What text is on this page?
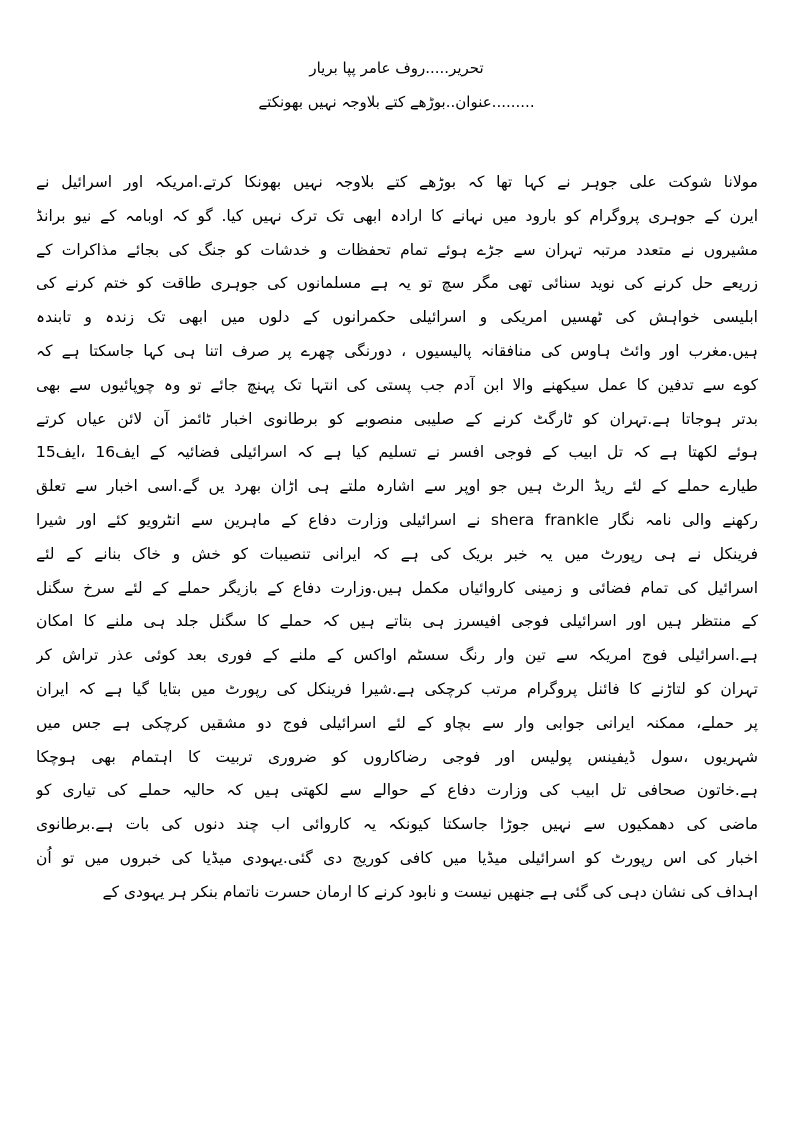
تحریر.....روف عامر پپا بریار
.........عنوان..بوڑھے کتے بلاوجہ نہیں بھونکتے
مولانا شوکت علی جوہر نے کہا تھا کہ بوڑھے کتے بلاوجہ نہیں بھونکا کرتے.امریکہ اور اسرائیل نے
ایرن کے جوہری پروگرام کو بارود میں نہانے کا ارادہ ابھی تک ترک نہیں کیا. گو کہ اوبامہ کے نیو برانڈ
مشیروں نے متعدد مرتبہ تہران سے جڑے ہوئے تمام تحفظات و خدشات کو جنگ کی بجائے مذاکرات کے
زریعے حل کرنے کی نوید سنائی تھی مگر سچ تو یہ ہے مسلمانوں کی جوہری طاقت کو ختم کرنے کی
ابلیسی خواہش کی ٹھسیں امریکی و اسرائیلی حکمرانوں کے دلوں میں ابھی تک زندہ و تابندہ
ہیں.مغرب اور وائٹ ہاوس کی منافقانہ پالیسیوں ، دورنگی چھرے پر صرف اتنا ہی کہا جاسکتا ہے کہ
کوے سے تدفین کا عمل سیکھنے والا ابن آدم جب پستی کی انتہا تک پہنچ جائے تو وہ چوپائیوں سے بھی
بدتر ہوجاتا ہے.تہران کو ٹارگٹ کرنے کے صلیبی منصوبے کو برطانوی اخبار ٹائمز آن لائن عیاں کرتے
ہوئے لکھتا ہے کہ تل ابیب کے فوجی افسر نے تسلیم کیا ہے کہ اسرائیلی فضائیہ کے ایف16 ،ایف15
طیارے حملے کے لئے ریڈ الرٹ ہیں جو اوپر سے اشارہ ملتے ہی اڑان بھرد یں گے.اسی اخبار سے تعلق
رکھنے والی نامہ نگار shera frankle نے اسرائیلی وزارت دفاع کے ماہرین سے انٹرویو کئے اور شیرا
فرینکل نے ہی رپورٹ میں یہ خبر بریک کی ہے کہ ایرانی تنصیبات کو خش و خاک بنانے کے لئے
اسرائیل کی تمام فضائی و زمینی کاروائیاں مکمل ہیں.وزارت دفاع کے بازیگر حملے کے لئے سرخ سگنل
کے منتظر ہیں اور اسرائیلی فوجی افیسرز ہی بتاتے ہیں کہ حملے کا سگنل جلد ہی ملنے کا امکان
ہے.اسرائیلی فوج امریکہ سے تین وار رنگ سسٹم اواکس کے ملنے کے فوری بعد کوئی عذر تراش کر
تہران کو لتاڑنے کا فائنل پروگرام مرتب کرچکی ہے.شیرا فرینکل کی رپورٹ میں بتایا گیا ہے کہ ایران
پر حملے، ممکنہ ایرانی جوابی وار سے بچاو کے لئے اسرائیلی فوج دو مشقیں کرچکی ہے جس میں
شہریوں ،سول ڈیفینس پولیس اور فوجی رضاکاروں کو ضروری تربیت کا اہتمام بھی ہوچکا
ہے.خاتون صحافی تل ابیب کی وزارت دفاع کے حوالے سے لکھتی ہیں کہ حالیہ حملے کی تیاری کو
ماضی کی دھمکیوں سے نہیں جوڑا جاسکتا کیونکہ یہ کاروائی اب چند دنوں کی بات ہے.برطانوی
اخبار کی اس رپورٹ کو اسرائیلی میڈیا میں کافی کوریج دی گئی.یہودی میڈیا کی خبروں میں تو اُن
اہداف کی نشان دہی کی گئی ہے جنھیں نیست و نابود کرنے کا ارمان حسرت ناتمام بنکر ہر یہودی کے
